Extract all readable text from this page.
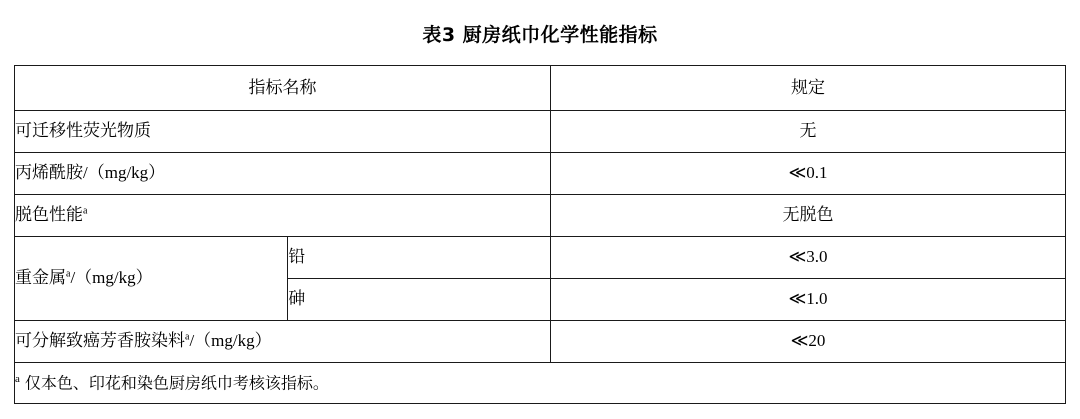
表3 厨房纸巾化学性能指标
指标名称		规定
可迁移性荧光物质		无
丙烯酰胺/（mg/kg）		≪0.1
脱色性能$^a$		无脱色
重金属$^a$/（mg/kg）	铅	≪3.0
	砷	≪1.0
可分解致癌芳香胺染料$^a$/（mg/kg）		≪20
$^a$ 仅本色、印花和染色厨房纸巾考核该指标。		
